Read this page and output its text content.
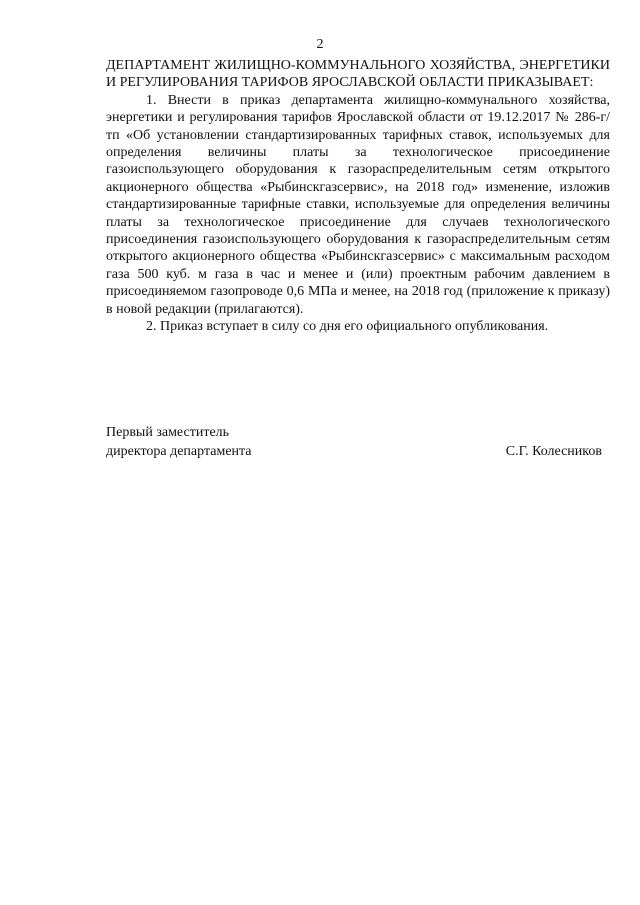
2

ДЕПАРТАМЕНТ ЖИЛИЩНО-КОММУНАЛЬНОГО ХОЗЯЙСТВА, ЭНЕРГЕТИКИ И РЕГУЛИРОВАНИЯ ТАРИФОВ ЯРОСЛАВСКОЙ ОБЛАСТИ ПРИКАЗЫВАЕТ:

1. Внести в приказ департамента жилищно-коммунального хозяйства, энергетики и регулирования тарифов Ярославской области от 19.12.2017 № 286-г/тп «Об установлении стандартизированных тарифных ставок, используемых для определения величины платы за технологическое присоединение газоиспользующего оборудования к газораспределительным сетям открытого акционерного общества «Рыбинскгазсервис», на 2018 год» изменение, изложив стандартизированные тарифные ставки, используемые для определения величины платы за технологическое присоединение для случаев технологического присоединения газоиспользующего оборудования к газораспределительным сетям открытого акционерного общества «Рыбинскгазсервис» с максимальным расходом газа 500 куб. м газа в час и менее и (или) проектным рабочим давлением в присоединяемом газопроводе 0,6 МПа и менее, на 2018 год (приложение к приказу) в новой редакции (прилагаются).

2. Приказ вступает в силу со дня его официального опубликования.

Первый заместитель
директора департамента	С.Г. Колесников
